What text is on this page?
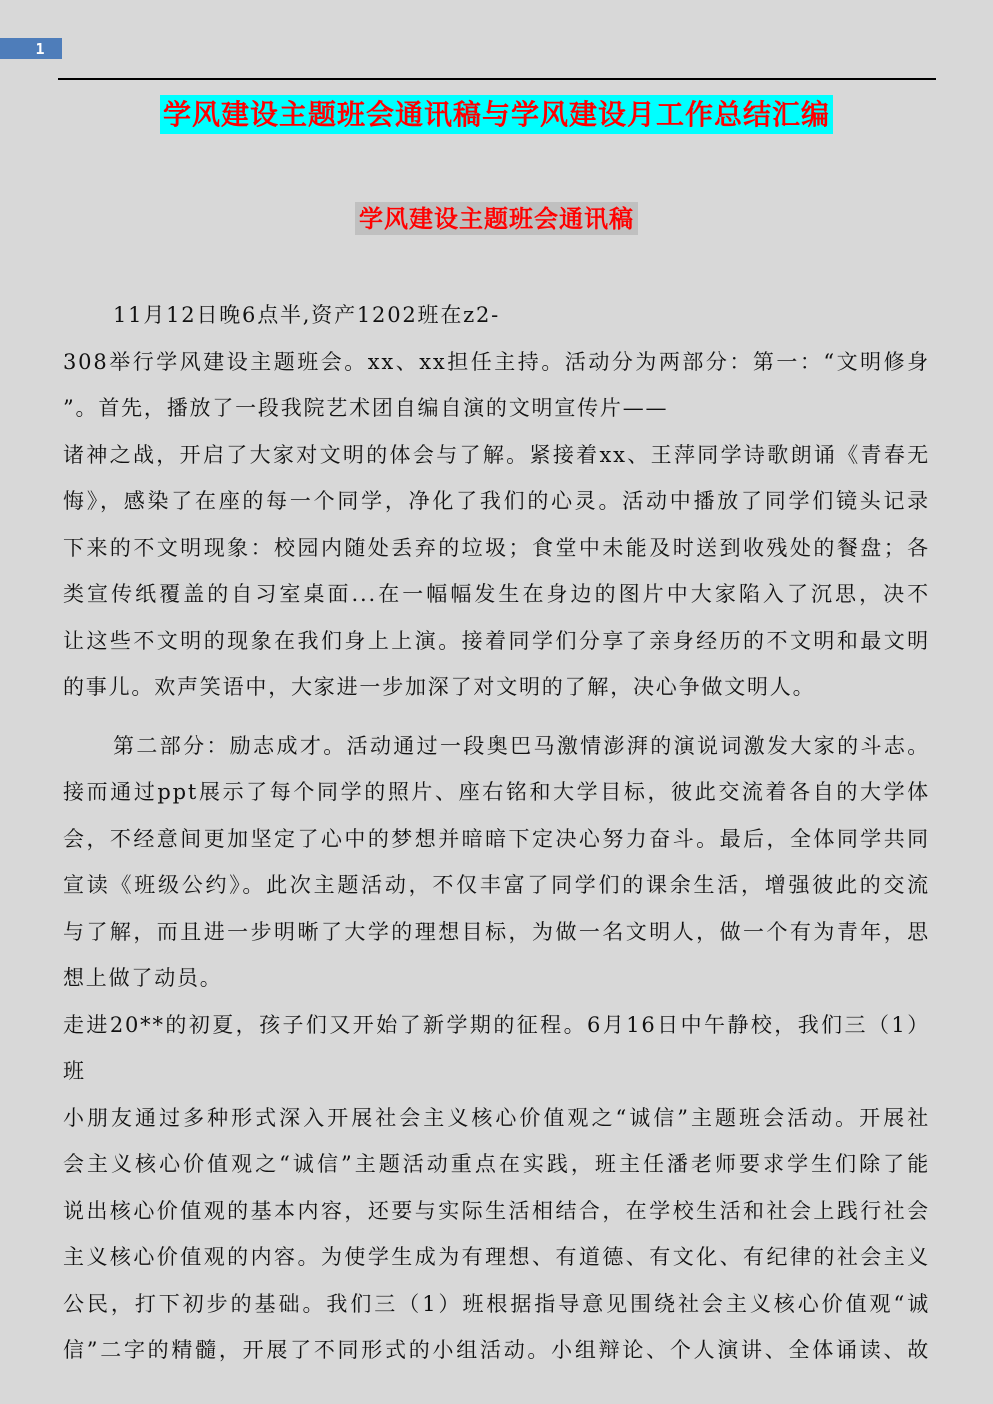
1
学风建设主题班会通讯稿与学风建设月工作总结汇编
学风建设主题班会通讯稿
11月12日晚6点半,资产1202班在z2-
308举行学风建设主题班会。xx、xx担任主持。活动分为两部分：第一：“文明修身
”。首先，播放了一段我院艺术团自编自演的文明宣传片——
诸神之战，开启了大家对文明的体会与了解。紧接着xx、王萍同学诗歌朗诵《青春无
悔》，感染了在座的每一个同学，净化了我们的心灵。活动中播放了同学们镜头记录
下来的不文明现象：校园内随处丢弃的垃圾；食堂中未能及时送到收残处的餐盘；各
类宣传纸覆盖的自习室桌面...在一幅幅发生在身边的图片中大家陷入了沉思，决不
让这些不文明的现象在我们身上上演。接着同学们分享了亲身经历的不文明和最文明
的事儿。欢声笑语中，大家进一步加深了对文明的了解，决心争做文明人。
第二部分：励志成才。活动通过一段奥巴马激情澎湃的演说词激发大家的斗志。
接而通过ppt展示了每个同学的照片、座右铭和大学目标，彼此交流着各自的大学体
会，不经意间更加坚定了心中的梦想并暗暗下定决心努力奋斗。最后，全体同学共同
宣读《班级公约》。此次主题活动，不仅丰富了同学们的课余生活，增强彼此的交流
与了解，而且进一步明晰了大学的理想目标，为做一名文明人，做一个有为青年，思
想上做了动员。
走进20**的初夏，孩子们又开始了新学期的征程。6月16日中午静校，我们三（1）班
小朋友通过多种形式深入开展社会主义核心价值观之“诚信”主题班会活动。开展社
会主义核心价值观之“诚信”主题活动重点在实践，班主任潘老师要求学生们除了能
说出核心价值观的基本内容，还要与实际生活相结合，在学校生活和社会上践行社会
主义核心价值观的内容。为使学生成为有理想、有道德、有文化、有纪律的社会主义
公民，打下初步的基础。我们三（1）班根据指导意见围绕社会主义核心价值观“诚
信”二字的精髓，开展了不同形式的小组活动。小组辩论、个人演讲、全体诵读、故
